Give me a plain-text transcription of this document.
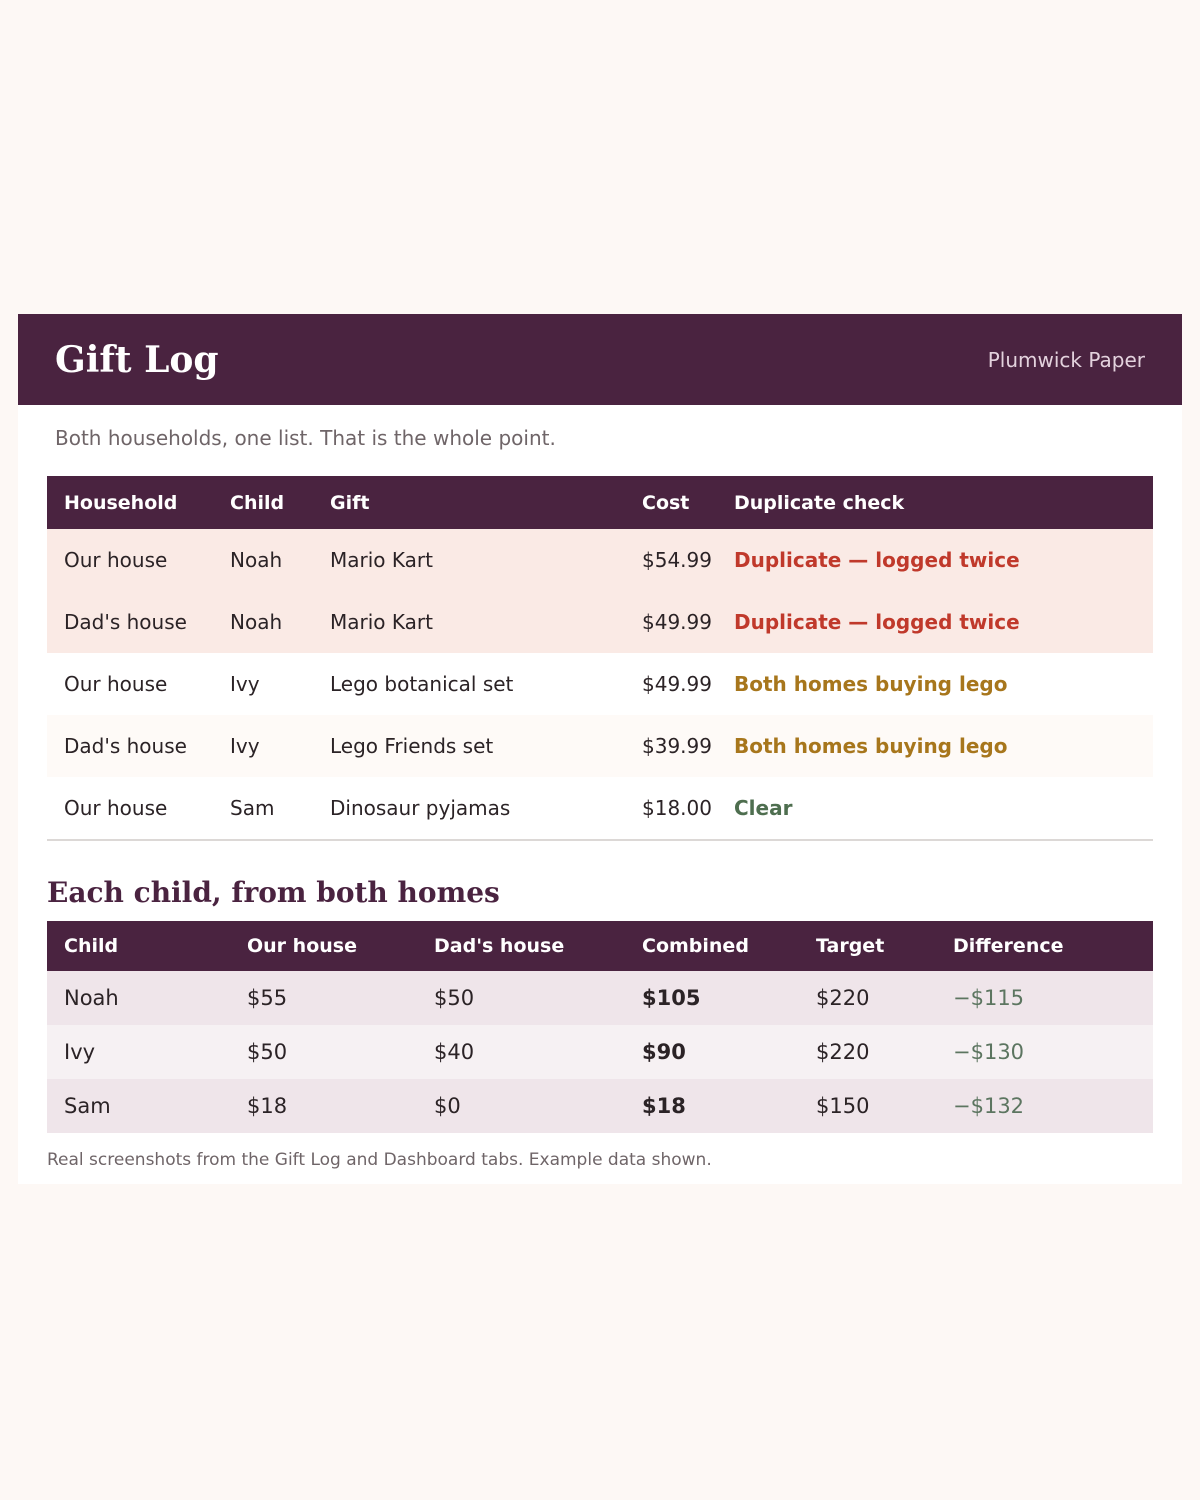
Gift Log	Plumwick Paper
Both households, one list. That is the whole point.
Household	Child	Gift	Cost	Duplicate check
Our house	Noah	Mario Kart	$54.99	Duplicate — logged twice
Dad's house	Noah	Mario Kart	$49.99	Duplicate — logged twice
Our house	Ivy	Lego botanical set	$49.99	Both homes buying lego
Dad's house	Ivy	Lego Friends set	$39.99	Both homes buying lego
Our house	Sam	Dinosaur pyjamas	$18.00	Clear
Each child, from both homes
Child	Our house	Dad's house	Combined	Target	Difference
Noah	$55	$50	$105	$220	−$115
Ivy	$50	$40	$90	$220	−$130
Sam	$18	$0	$18	$150	−$132
Real screenshots from the Gift Log and Dashboard tabs. Example data shown.
